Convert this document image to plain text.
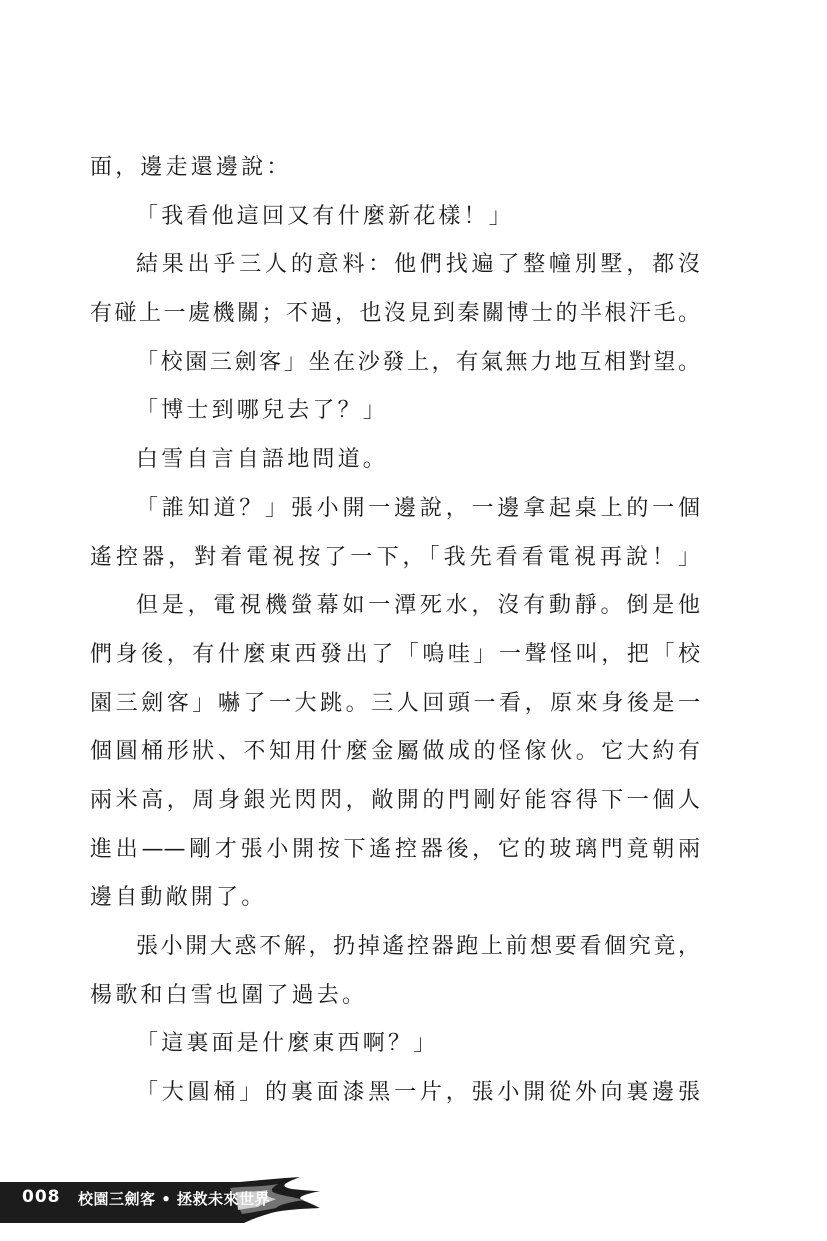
面，邊走還邊說：
「我看他這回又有什麼新花樣！」
結果出乎三人的意料：他們找遍了整幢別墅，都沒
有碰上一處機關；不過，也沒見到秦關博士的半根汗毛。
「校園三劍客」坐在沙發上，有氣無力地互相對望。
「博士到哪兒去了？」
白雪自言自語地問道。
「誰知道？」張小開一邊說，一邊拿起桌上的一個
遙控器，對着電視按了一下，「我先看看電視再說！」
但是，電視機螢幕如一潭死水，沒有動靜。倒是他
們身後，有什麼東西發出了「嗚哇」一聲怪叫，把「校
園三劍客」嚇了一大跳。三人回頭一看，原來身後是一
個圓桶形狀、不知用什麼金屬做成的怪傢伙。它大約有
兩米高，周身銀光閃閃，敞開的門剛好能容得下一個人
進出——剛才張小開按下遙控器後，它的玻璃門竟朝兩
邊自動敞開了。
張小開大惑不解，扔掉遙控器跑上前想要看個究竟，
楊歌和白雪也圍了過去。
「這裏面是什麼東西啊？」
「大圓桶」的裏面漆黑一片，張小開從外向裏邊張
008 校園三劍客 • 拯救未來世界
